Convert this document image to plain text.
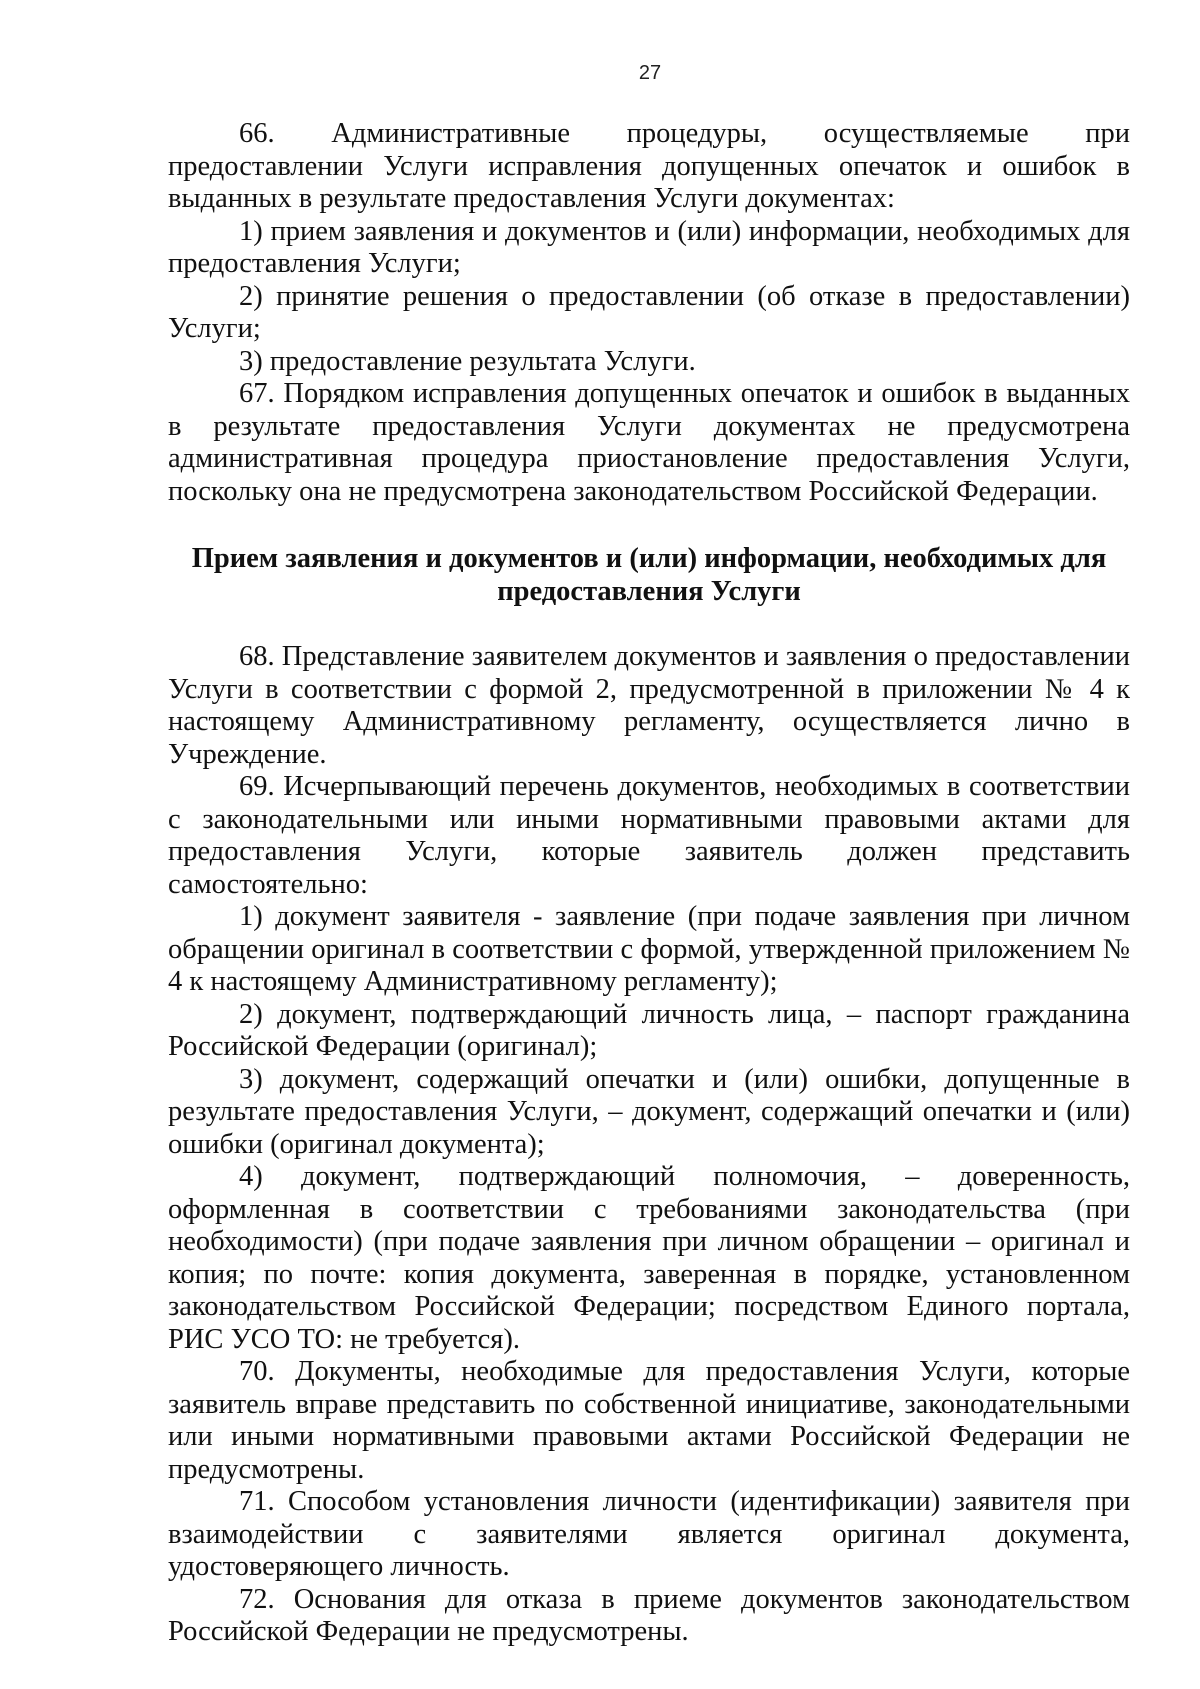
27

66. Административные процедуры, осуществляемые при предоставлении Услуги исправления допущенных опечаток и ошибок в выданных в результате предоставления Услуги документах:

1) прием заявления и документов и (или) информации, необходимых для предоставления Услуги;

2) принятие решения о предоставлении (об отказе в предоставлении) Услуги;

3) предоставление результата Услуги.

67. Порядком исправления допущенных опечаток и ошибок в выданных в результате предоставления Услуги документах не предусмотрена административная процедура приостановление предоставления Услуги, поскольку она не предусмотрена законодательством Российской Федерации.

Прием заявления и документов и (или) информации, необходимых для предоставления Услуги

68. Представление заявителем документов и заявления о предоставлении Услуги в соответствии с формой 2, предусмотренной в приложении № 4 к настоящему Административному регламенту, осуществляется лично в Учреждение.

69. Исчерпывающий перечень документов, необходимых в соответствии с законодательными или иными нормативными правовыми актами для предоставления Услуги, которые заявитель должен представить самостоятельно:

1) документ заявителя - заявление (при подаче заявления при личном обращении оригинал в соответствии с формой, утвержденной приложением № 4 к настоящему Административному регламенту);

2) документ, подтверждающий личность лица, – паспорт гражданина Российской Федерации (оригинал);

3) документ, содержащий опечатки и (или) ошибки, допущенные в результате предоставления Услуги, – документ, содержащий опечатки и (или) ошибки (оригинал документа);

4) документ, подтверждающий полномочия, – доверенность, оформленная в соответствии с требованиями законодательства (при необходимости) (при подаче заявления при личном обращении – оригинал и копия; по почте: копия документа, заверенная в порядке, установленном законодательством Российской Федерации; посредством Единого портала, РИС УСО ТО: не требуется).

70. Документы, необходимые для предоставления Услуги, которые заявитель вправе представить по собственной инициативе, законодательными или иными нормативными правовыми актами Российской Федерации не предусмотрены.

71. Способом установления личности (идентификации) заявителя при взаимодействии с заявителями является оригинал документа, удостоверяющего личность.

72. Основания для отказа в приеме документов законодательством Российской Федерации не предусмотрены.
